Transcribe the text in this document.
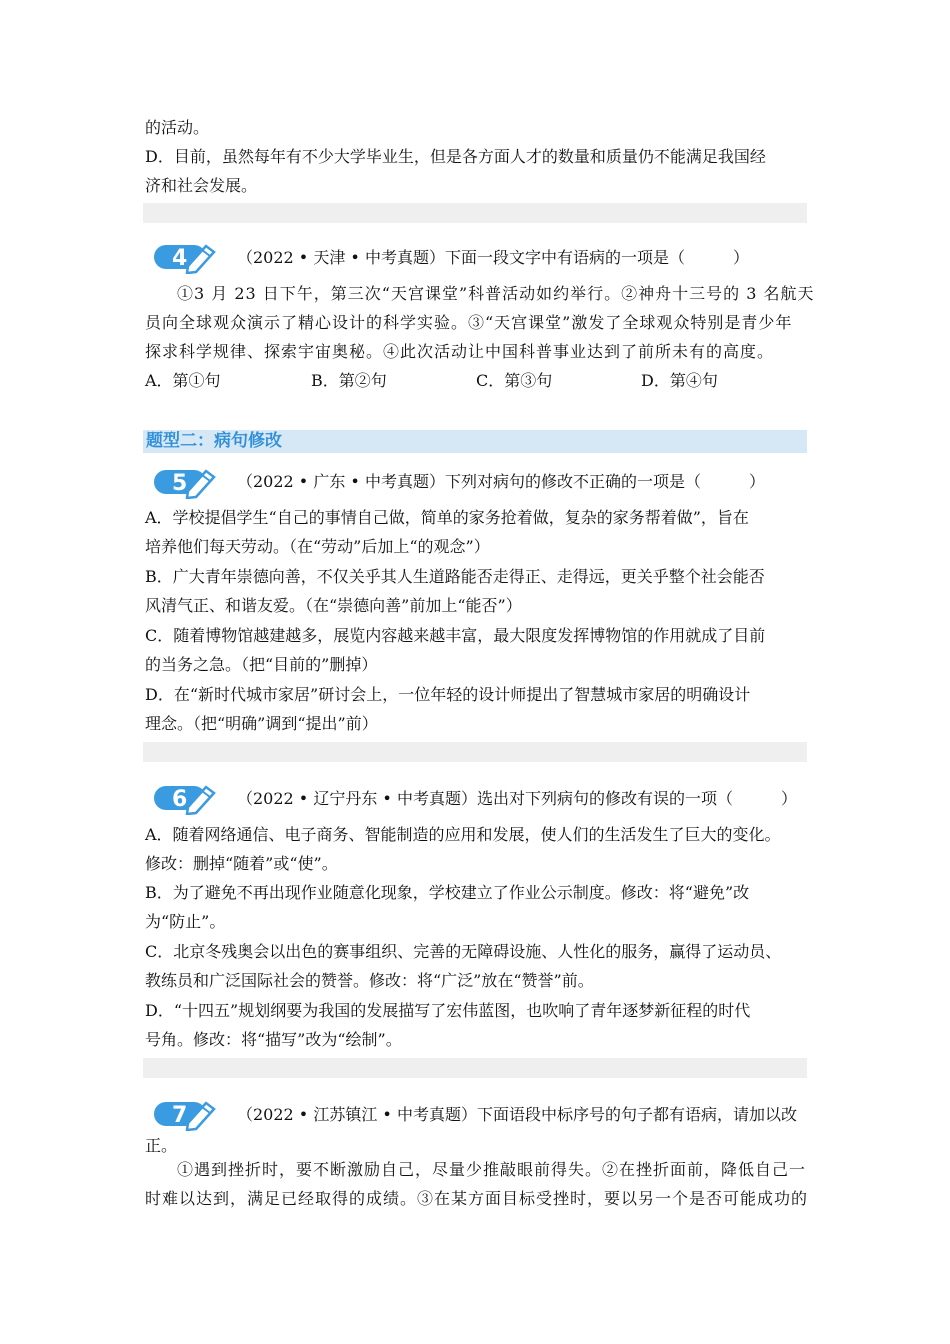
的活动。
D．目前，虽然每年有不少大学毕业生，但是各方面人才的数量和质量仍不能满足我国经
济和社会发展。
4	（2022 • 天津 • 中考真题）下面一段文字中有语病的一项是（　　　）
①3 月 23 日下午，第三次“天宫课堂”科普活动如约举行。②神舟十三号的 3 名航天
员向全球观众演示了精心设计的科学实验。③“天宫课堂”激发了全球观众特别是青少年
探求科学规律、探索宇宙奥秘。④此次活动让中国科普事业达到了前所未有的高度。
A．第①句	B．第②句	C．第③句	D．第④句
题型二：病句修改
5	（2022 • 广东 • 中考真题）下列对病句的修改不正确的一项是（　　　）
A．学校提倡学生“自己的事情自己做，简单的家务抢着做，复杂的家务帮着做”，旨在
培养他们每天劳动。（在“劳动”后加上“的观念”）
B．广大青年崇德向善，不仅关乎其人生道路能否走得正、走得远，更关乎整个社会能否
风清气正、和谐友爱。（在“崇德向善”前加上“能否”）
C．随着博物馆越建越多，展览内容越来越丰富，最大限度发挥博物馆的作用就成了目前
的当务之急。（把“目前的”删掉）
D．在“新时代城市家居”研讨会上，一位年轻的设计师提出了智慧城市家居的明确设计
理念。（把“明确”调到“提出”前）
6	（2022 • 辽宁丹东 • 中考真题）选出对下列病句的修改有误的一项（　　　）
A．随着网络通信、电子商务、智能制造的应用和发展，使人们的生活发生了巨大的变化。
修改：删掉“随着”或“使”。
B．为了避免不再出现作业随意化现象，学校建立了作业公示制度。修改：将“避免”改
为“防止”。
C．北京冬残奥会以出色的赛事组织、完善的无障碍设施、人性化的服务，赢得了运动员、
教练员和广泛国际社会的赞誉。修改：将“广泛”放在“赞誉”前。
D．“十四五”规划纲要为我国的发展描写了宏伟蓝图，也吹响了青年逐梦新征程的时代
号角。修改：将“描写”改为“绘制”。
7	（2022 • 江苏镇江 • 中考真题）下面语段中标序号的句子都有语病，请加以改
正。
①遇到挫折时，要不断激励自己，尽量少推敲眼前得失。②在挫折面前，降低自己一
时难以达到，满足已经取得的成绩。③在某方面目标受挫时，要以另一个是否可能成功的
